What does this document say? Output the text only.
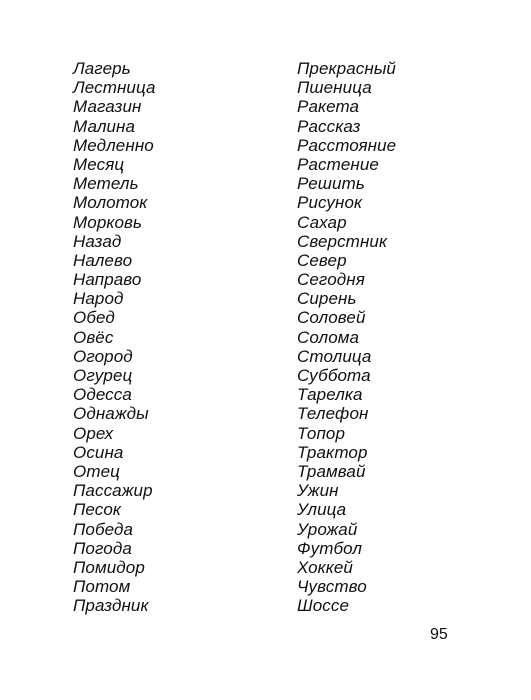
Лагерь
Лестница
Магазин
Малина
Медленно
Месяц
Метель
Молоток
Морковь
Назад
Налево
Направо
Народ
Обед
Овёс
Огород
Огурец
Одесса
Однажды
Орех
Осина
Отец
Пассажир
Песок
Победа
Погода
Помидор
Потом
Праздник
Прекрасный
Пшеница
Ракета
Рассказ
Расстояние
Растение
Решить
Рисунок
Сахар
Сверстник
Север
Сегодня
Сирень
Соловей
Солома
Столица
Суббота
Тарелка
Телефон
Топор
Трактор
Трамвай
Ужин
Улица
Урожай
Футбол
Хоккей
Чувство
Шоссе
95
